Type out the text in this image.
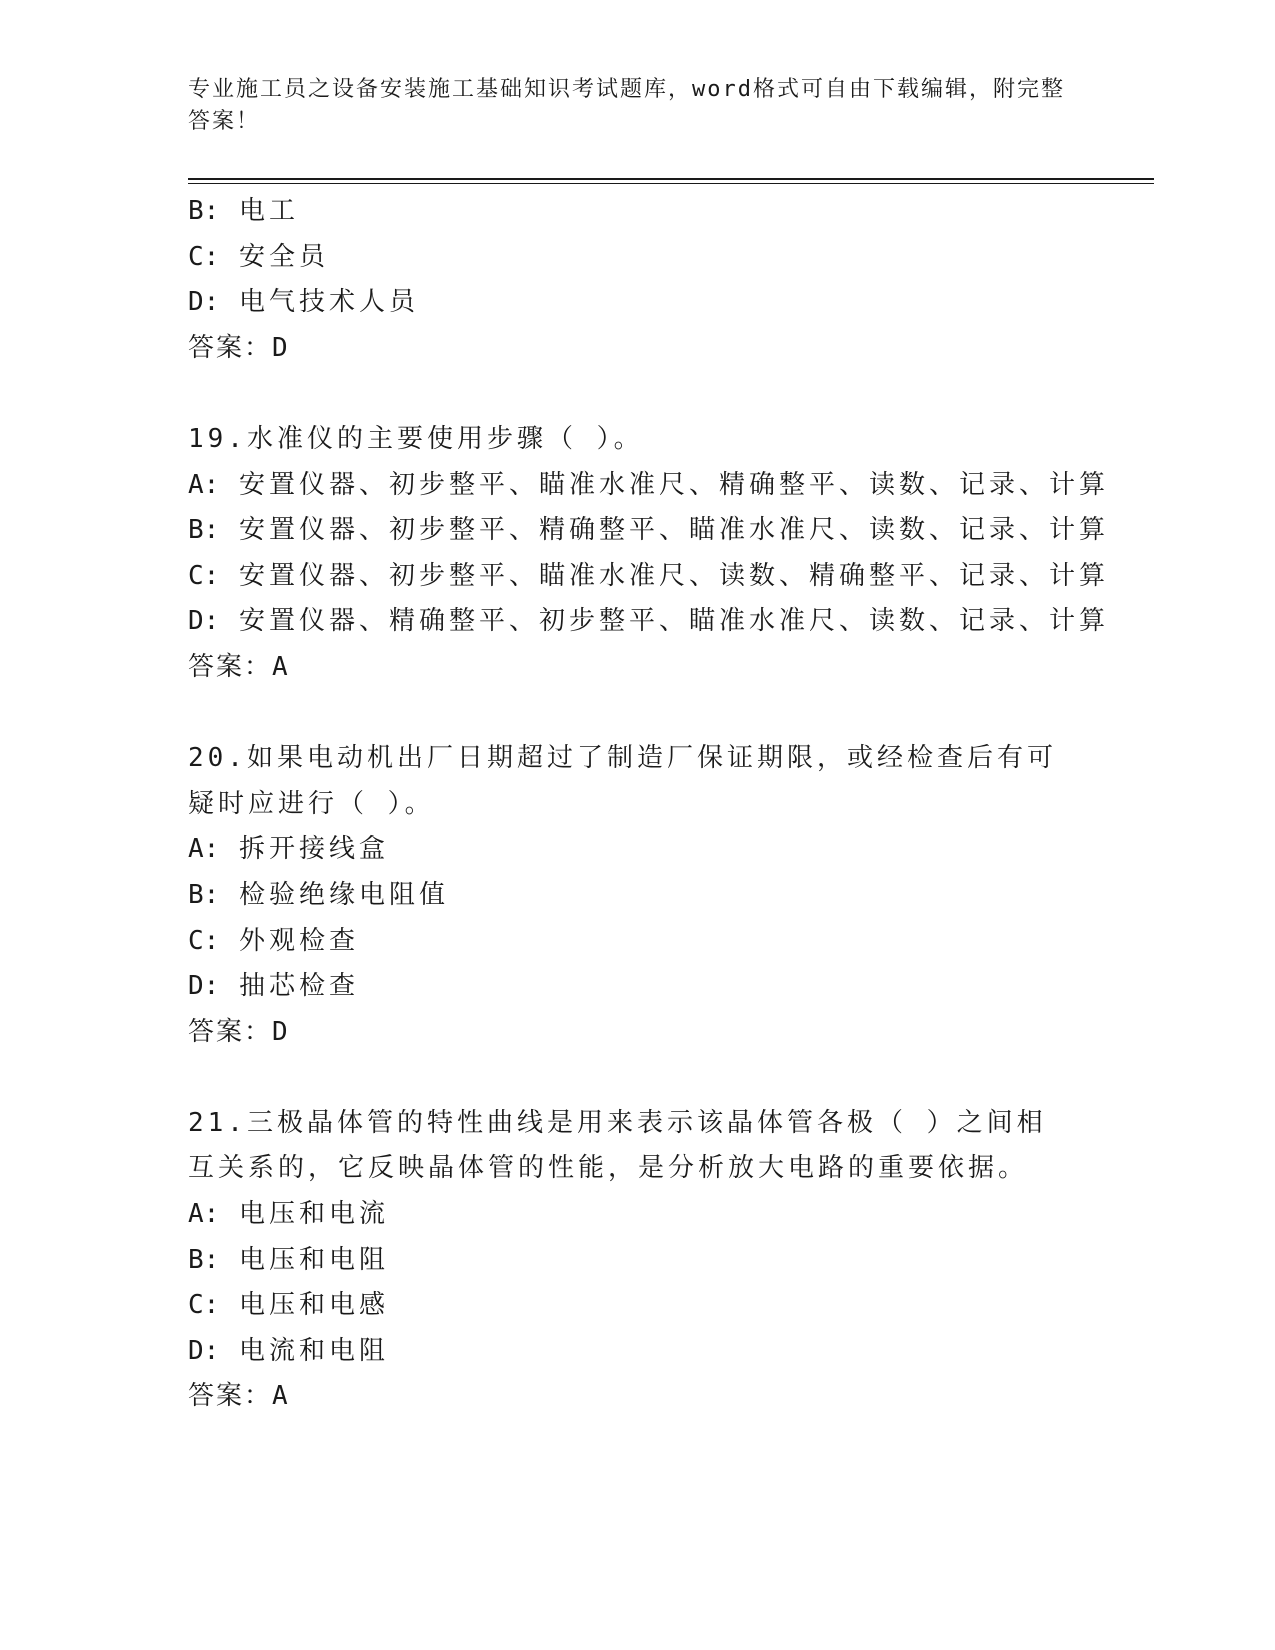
专业施工员之设备安装施工基础知识考试题库，word格式可自由下载编辑，附完整答案！
B: 电工
C: 安全员
D: 电气技术人员
答案：D
19.水准仪的主要使用步骤（ ）。
A: 安置仪器、初步整平、瞄准水准尺、精确整平、读数、记录、计算
B: 安置仪器、初步整平、精确整平、瞄准水准尺、读数、记录、计算
C: 安置仪器、初步整平、瞄准水准尺、读数、精确整平、记录、计算
D: 安置仪器、精确整平、初步整平、瞄准水准尺、读数、记录、计算
答案：A
20.如果电动机出厂日期超过了制造厂保证期限，或经检查后有可疑时应进行（ ）。
A: 拆开接线盒
B: 检验绝缘电阻值
C: 外观检查
D: 抽芯检查
答案：D
21.三极晶体管的特性曲线是用来表示该晶体管各极（ ）之间相互关系的，它反映晶体管的性能，是分析放大电路的重要依据。
A: 电压和电流
B: 电压和电阻
C: 电压和电感
D: 电流和电阻
答案：A
